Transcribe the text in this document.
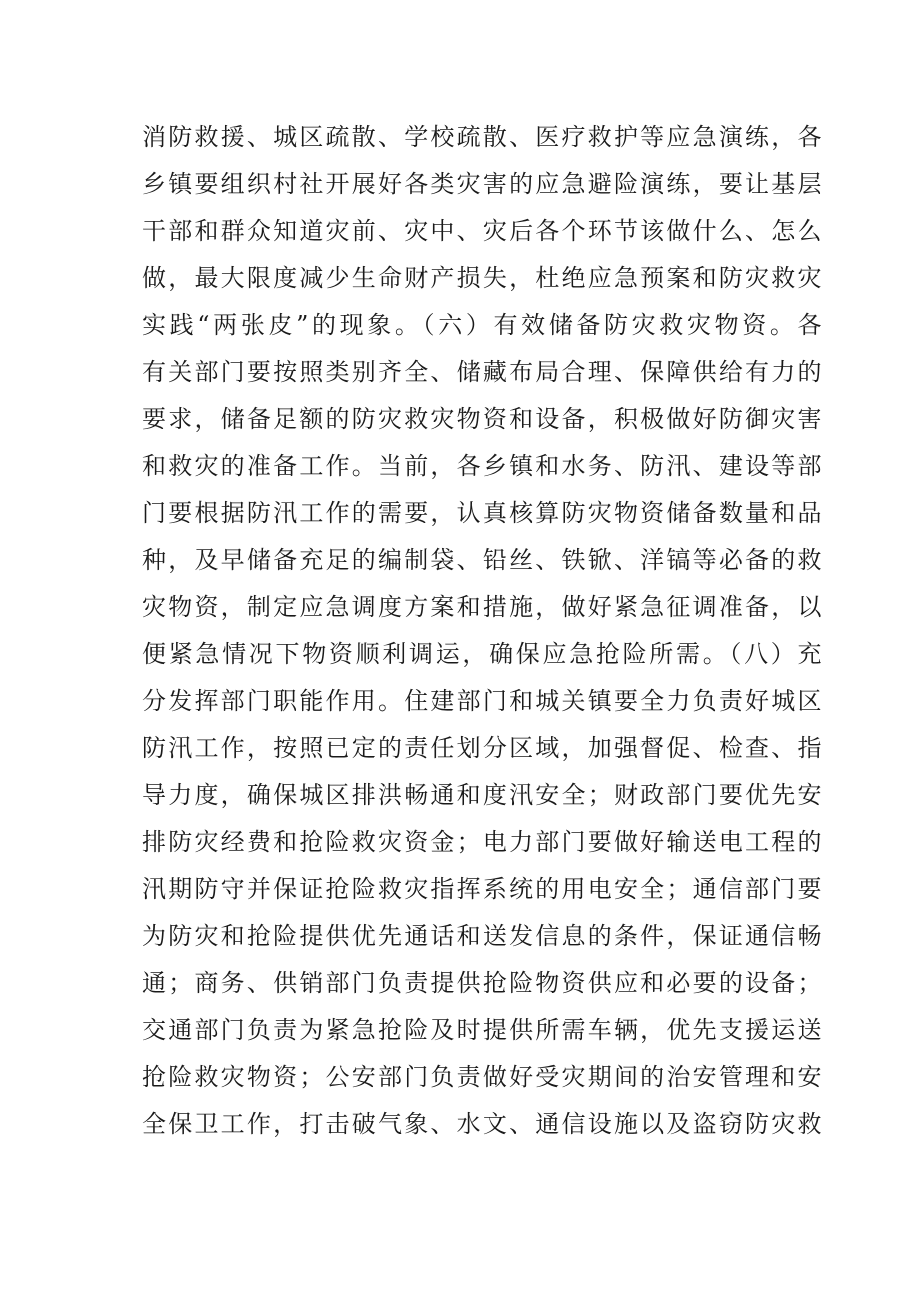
消防救援、城区疏散、学校疏散、医疗救护等应急演练，各
乡镇要组织村社开展好各类灾害的应急避险演练，要让基层
干部和群众知道灾前、灾中、灾后各个环节该做什么、怎么
做，最大限度减少生命财产损失，杜绝应急预案和防灾救灾
实践“两张皮”的现象。（六）有效储备防灾救灾物资。各
有关部门要按照类别齐全、储藏布局合理、保障供给有力的
要求，储备足额的防灾救灾物资和设备，积极做好防御灾害
和救灾的准备工作。当前，各乡镇和水务、防汛、建设等部
门要根据防汛工作的需要，认真核算防灾物资储备数量和品
种，及早储备充足的编制袋、铅丝、铁锨、洋镐等必备的救
灾物资，制定应急调度方案和措施，做好紧急征调准备，以
便紧急情况下物资顺利调运，确保应急抢险所需。（八）充
分发挥部门职能作用。住建部门和城关镇要全力负责好城区
防汛工作，按照已定的责任划分区域，加强督促、检查、指
导力度，确保城区排洪畅通和度汛安全；财政部门要优先安
排防灾经费和抢险救灾资金；电力部门要做好输送电工程的
汛期防守并保证抢险救灾指挥系统的用电安全；通信部门要
为防灾和抢险提供优先通话和送发信息的条件，保证通信畅
通；商务、供销部门负责提供抢险物资供应和必要的设备；
交通部门负责为紧急抢险及时提供所需车辆，优先支援运送
抢险救灾物资；公安部门负责做好受灾期间的治安管理和安
全保卫工作，打击破气象、水文、通信设施以及盗窃防灾救
